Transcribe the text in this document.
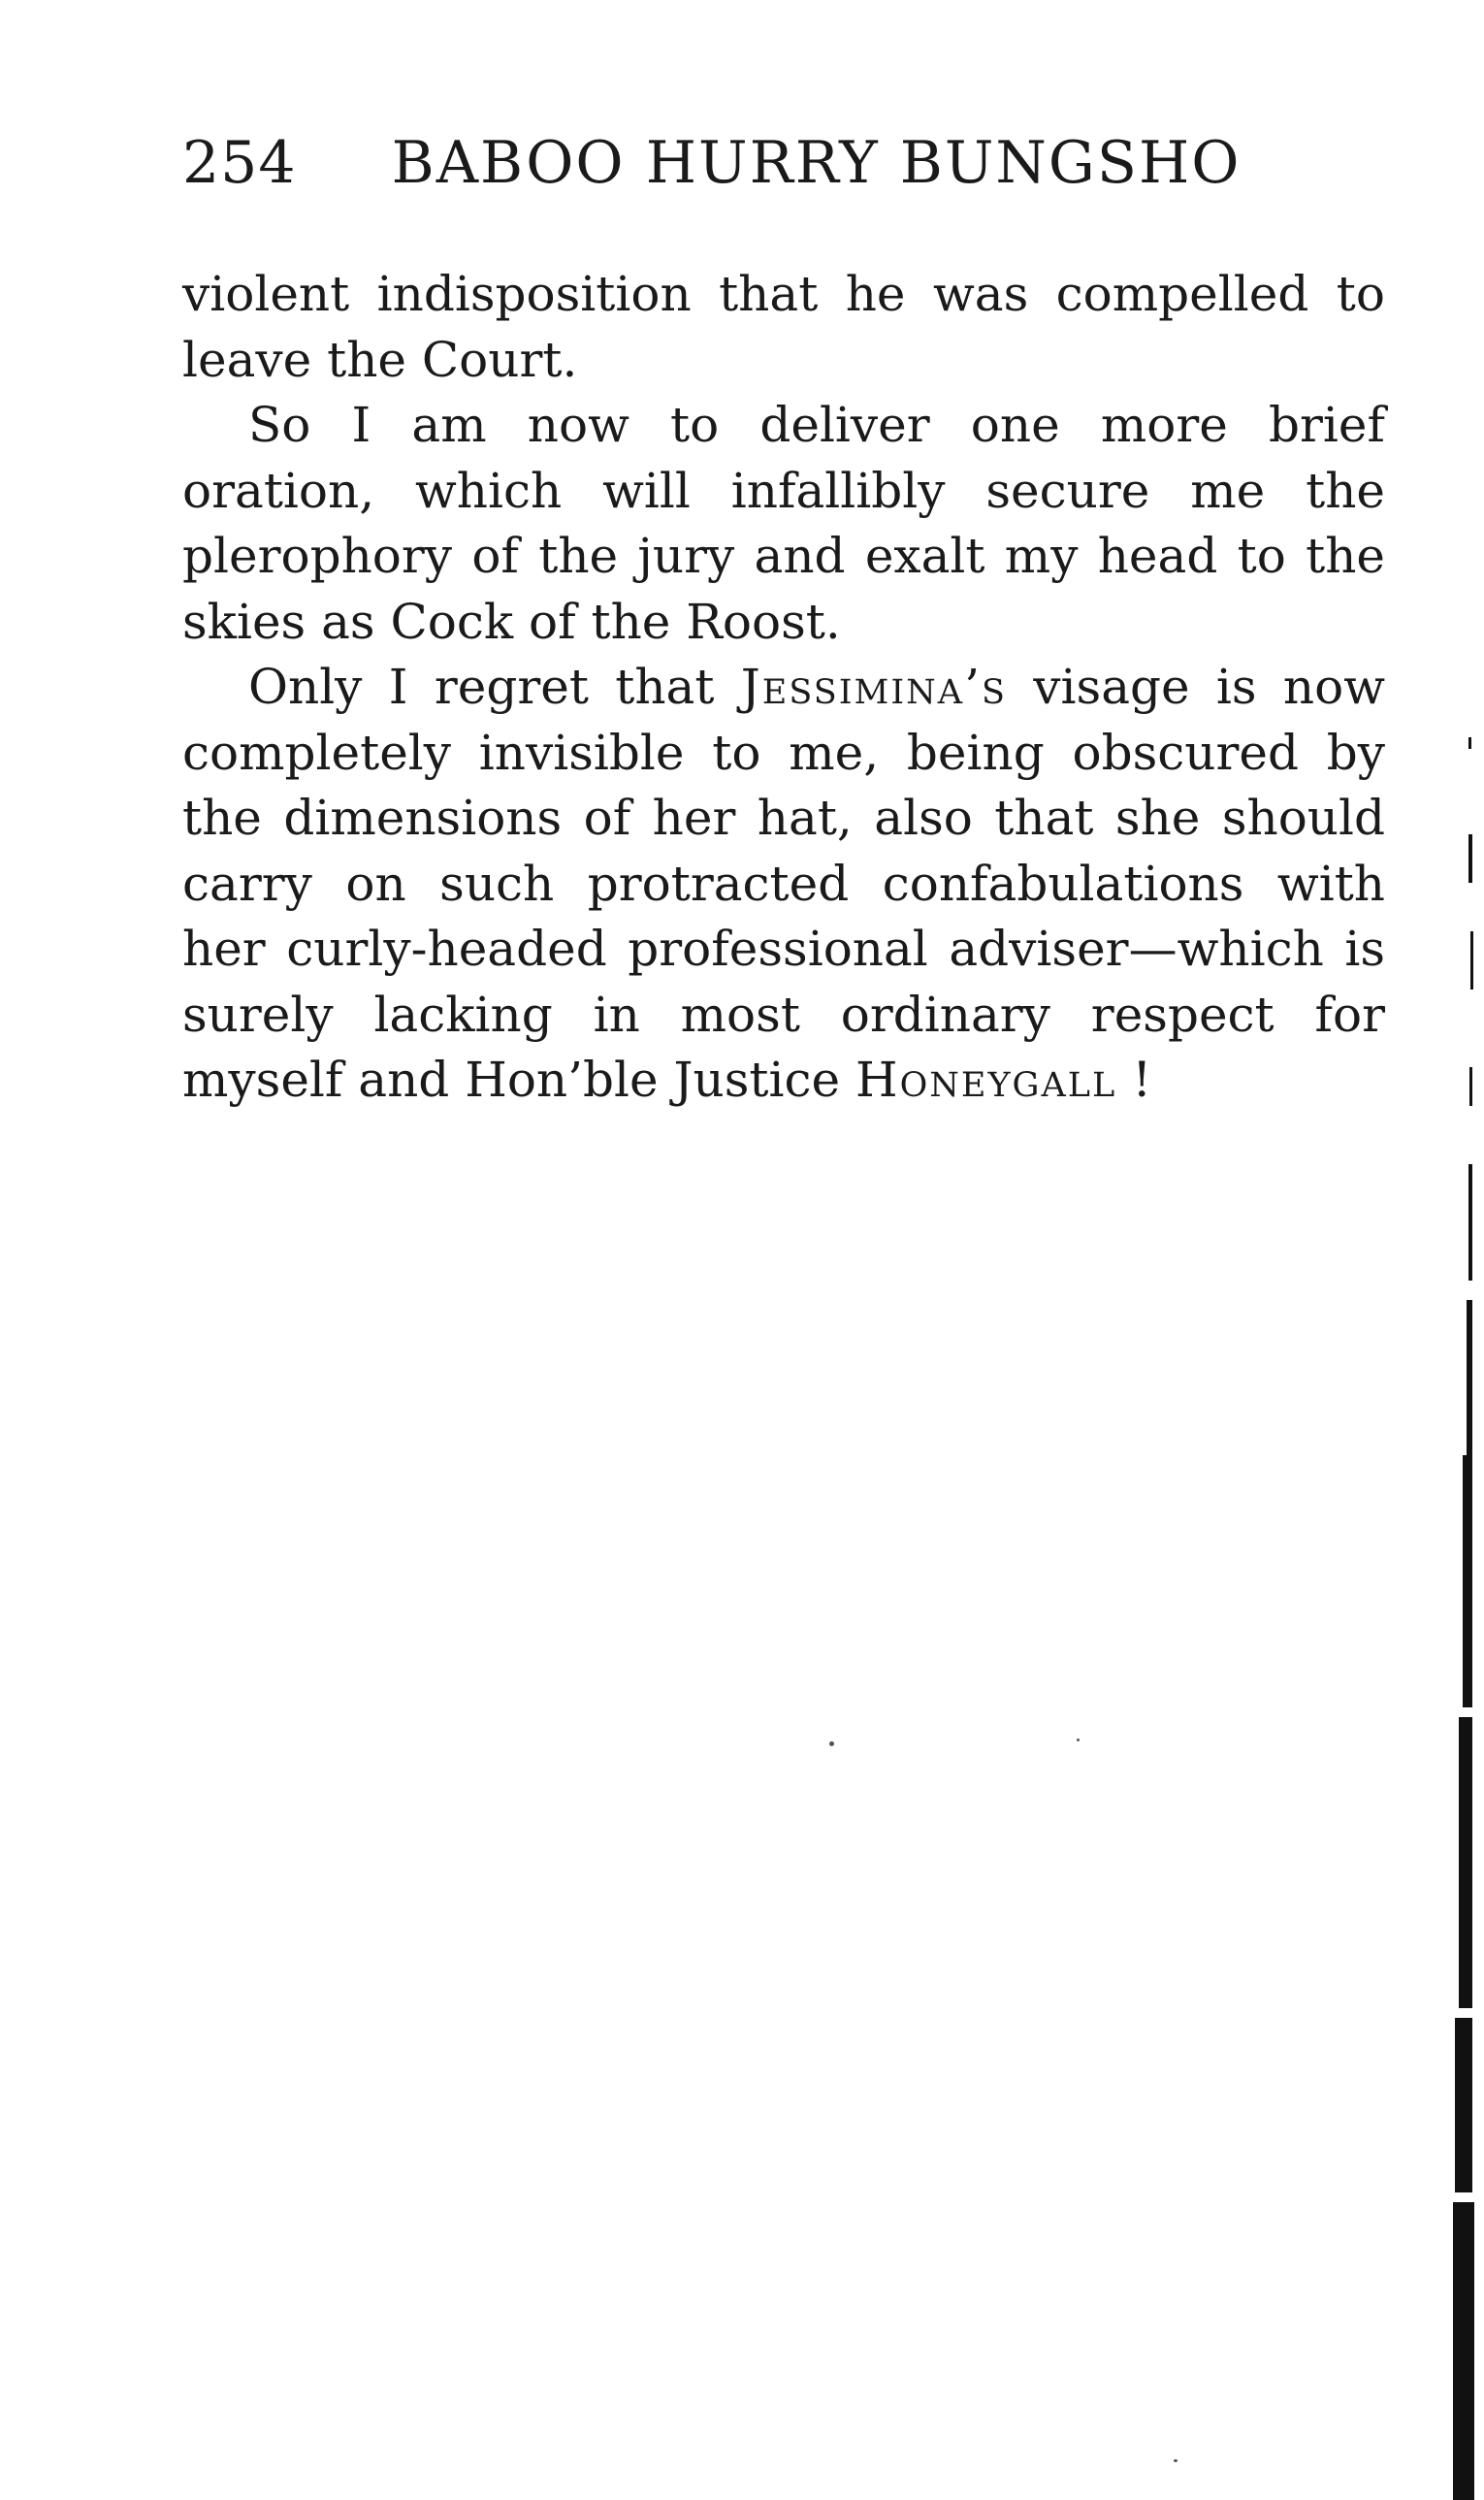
254 BABOO HURRY BUNGSHO

violent indisposition that he was compelled to leave the Court.

So I am now to deliver one more brief oration, which will infallibly secure me the plerophory of the jury and exalt my head to the skies as Cock of the Roost.

Only I regret that Jessimina’s visage is now completely invisible to me, being obscured by the dimensions of her hat, also that she should carry on such protracted confabulations with her curly-headed professional adviser—which is surely lacking in most ordinary respect for myself and Hon’ble Justice Honeygall !
